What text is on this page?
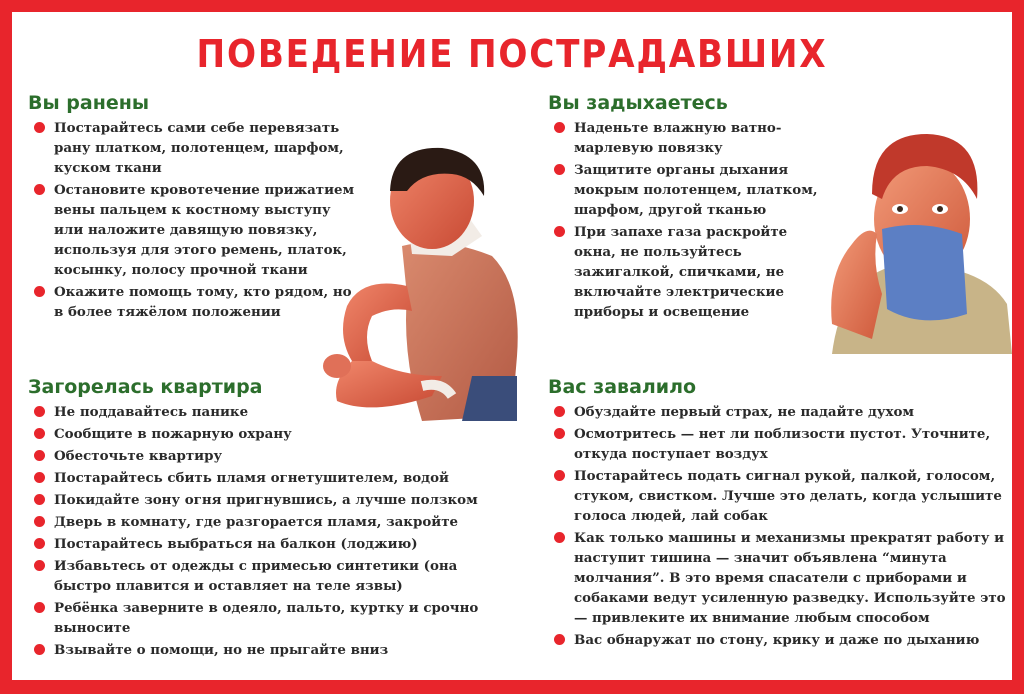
ПОВЕДЕНИЕ ПОСТРАДАВШИХ
Вы ранены
Постарайтесь сами себе перевязать рану платком, полотенцем, шарфом, куском ткани
Остановите кровотечение прижатием вены пальцем к костному выступу или наложите давящую повязку, используя для этого ремень, платок, косынку, полосу прочной ткани
Окажите помощь тому, кто рядом, но в более тяжёлом положении
Вы задыхаетесь
Наденьте влажную ватно-марлевую повязку
Защитите органы дыхания мокрым полотенцем, платком, шарфом, другой тканью
При запахе газа раскройте окна, не пользуйтесь зажигалкой, спичками, не включайте электрические приборы и освещение
Загорелась квартира
Не поддавайтесь панике
Сообщите в пожарную охрану
Обесточьте квартиру
Постарайтесь сбить пламя огнетушителем, водой
Покидайте зону огня пригнувшись, а лучше ползком
Дверь в комнату, где разгорается пламя, закройте
Постарайтесь выбраться на балкон (лоджию)
Избавьтесь от одежды с примесью синтетики (она быстро плавится и оставляет на теле язвы)
Ребёнка заверните в одеяло, пальто, куртку и срочно выносите
Взывайте о помощи, но не прыгайте вниз
Вас завалило
Обуздайте первый страх, не падайте духом
Осмотритесь — нет ли поблизости пустот. Уточните, откуда поступает воздух
Постарайтесь подать сигнал рукой, палкой, голосом, стуком, свистком. Лучше это делать, когда услышите голоса людей, лай собак
Как только машины и механизмы прекратят работу и наступит тишина — значит объявлена “минута молчания”. В это время спасатели с приборами и собаками ведут усиленную разведку. Используйте это — привлеките их внимание любым способом
Вас обнаружат по стону, крику и даже по дыханию
